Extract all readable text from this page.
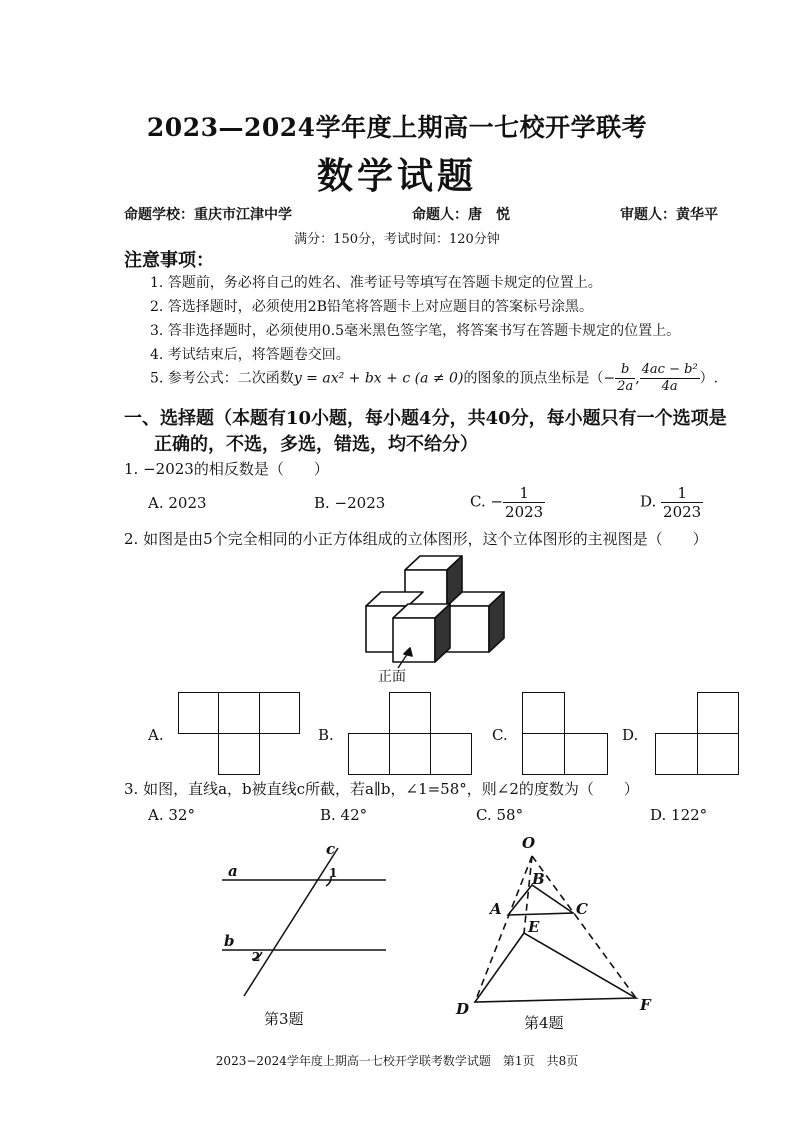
2023—2024学年度上期高一七校开学联考
数学试题
命题学校：重庆市江津中学	命题人：唐　悦	审题人：黄华平
满分：150分，考试时间：120分钟
注意事项：
1. 答题前，务必将自己的姓名、准考证号等填写在答题卡规定的位置上。
2. 答选择题时，必须使用2B铅笔将答题卡上对应题目的答案标号涂黑。
3. 答非选择题时，必须使用0.5毫米黑色签字笔，将答案书写在答题卡规定的位置上。
4. 考试结束后，将答题卷交回。
5. 参考公式：二次函数y = ax² + bx + c (a ≠ 0)的图象的顶点坐标是（− $\frac{b}{2a}$ , $\frac{\text{4ac − b²}}{4a}$ ）.
一、选择题（本题有10小题，每小题4分，共40分，每小题只有一个选项是
正确的，不选，多选，错选，均不给分）
1. −2023的相反数是（　　）
A. 2023	B. −2023	C. − $\frac{1}{2023}$	D. $\frac{1}{2023}$
2. 如图是由5个完全相同的小正方体组成的立体图形，这个立体图形的主视图是（　　）
正面
A.	B.	C.	D.
3. 如图，直线a，b被直线c所截，若a∥b，∠1=58°，则∠2的度数为（　　）
A. 32°	B. 42°	C. 58°	D. 122°
a
b
c
1
2
第3题
O
B
A	C
E
D	F
第4题
2023−2024学年度上期高一七校开学联考数学试题　第1页　共8页
